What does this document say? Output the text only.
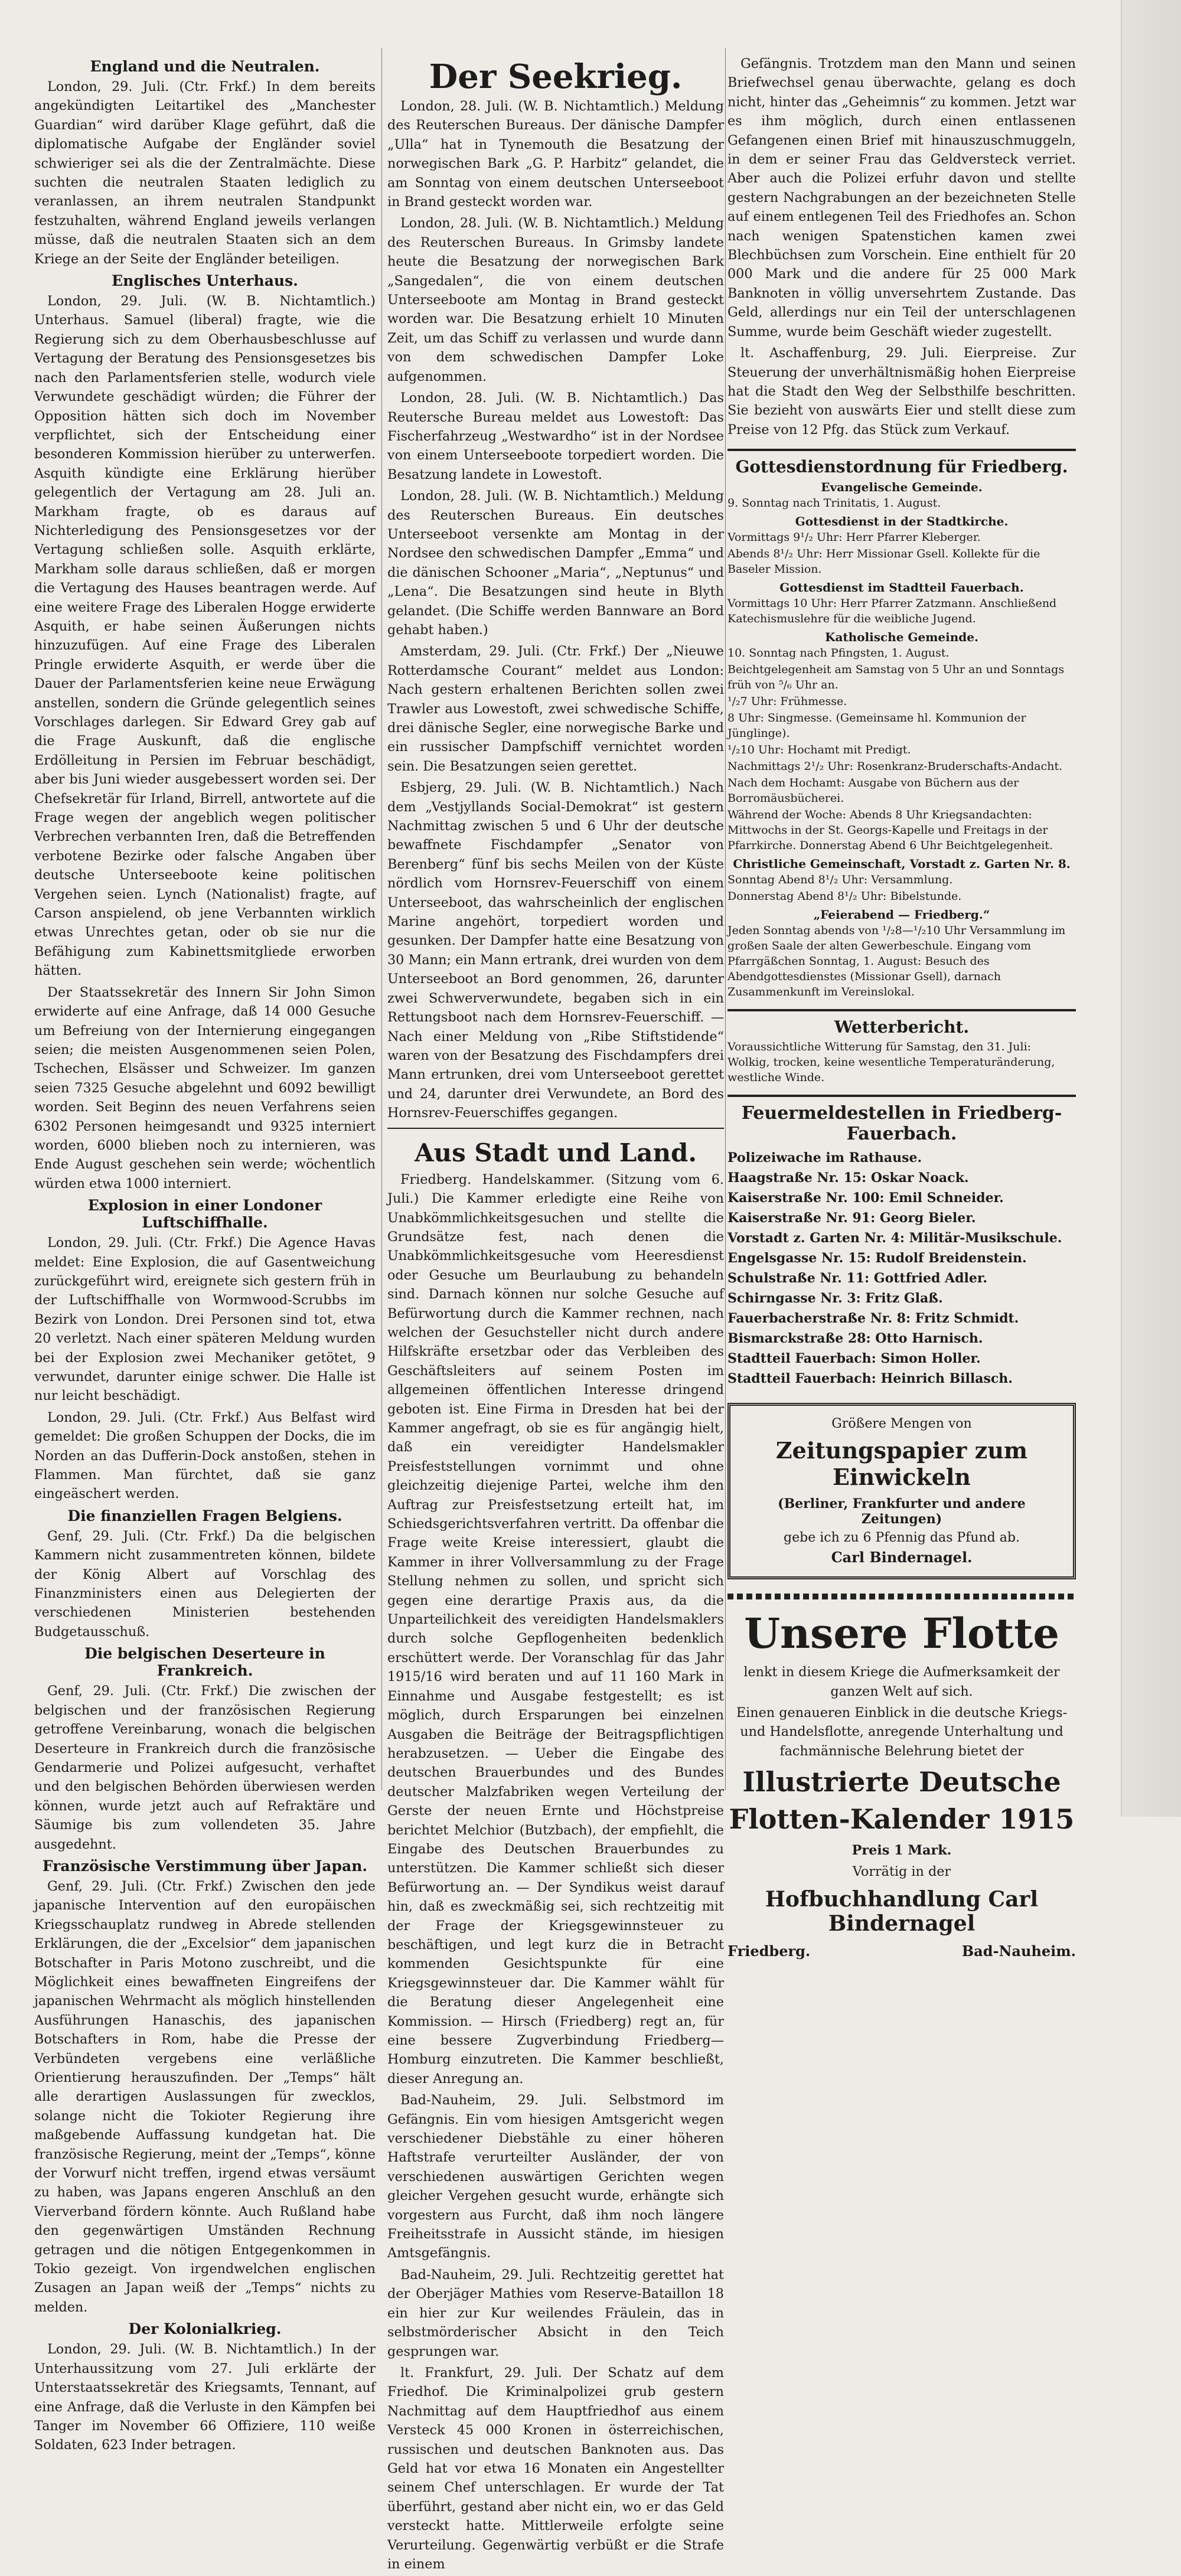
England und die Neutralen.

London, 29. Juli. (Ctr. Frkf.) In dem bereits angekündigten Leitartikel des „Manchester Guardian“ wird darüber Klage geführt, daß die diplomatische Aufgabe der Engländer soviel schwieriger sei als die der Zentralmächte. Diese suchten die neutralen Staaten lediglich zu veranlassen, an ihrem neutralen Standpunkt festzuhalten, während England jeweils verlangen müsse, daß die neutralen Staaten sich an dem Kriege an der Seite der Engländer beteiligen.

Englisches Unterhaus.

London, 29. Juli. (W. B. Nichtamtlich.) Unterhaus. Samuel (liberal) fragte, wie die Regierung sich zu dem Oberhausbeschlusse auf Vertagung der Beratung des Pensionsgesetzes bis nach den Parlamentsferien stelle, wodurch viele Verwundete geschädigt würden; die Führer der Opposition hätten sich doch im November verpflichtet, sich der Entscheidung einer besonderen Kommission hierüber zu unterwerfen. Asquith kündigte eine Erklärung hierüber gelegentlich der Vertagung am 28. Juli an. Markham fragte, ob es daraus auf Nichterledigung des Pensionsgesetzes vor der Vertagung schließen solle. Asquith erklärte, Markham solle daraus schließen, daß er morgen die Vertagung des Hauses beantragen werde. Auf eine weitere Frage des Liberalen Hogge erwiderte Asquith, er habe seinen Äußerungen nichts hinzuzufügen. Auf eine Frage des Liberalen Pringle erwiderte Asquith, er werde über die Dauer der Parlamentsferien keine neue Erwägung anstellen, sondern die Gründe gelegentlich seines Vorschlages darlegen. Sir Edward Grey gab auf die Frage Auskunft, daß die englische Erdölleitung in Persien im Februar beschädigt, aber bis Juni wieder ausgebessert worden sei. Der Chefsekretär für Irland, Birrell, antwortete auf die Frage wegen der angeblich wegen politischer Verbrechen verbannten Iren, daß die Betreffenden verbotene Bezirke oder falsche Angaben über deutsche Unterseeboote keine politischen Vergehen seien. Lynch (Nationalist) fragte, auf Carson anspielend, ob jene Verbannten wirklich etwas Unrechtes getan, oder ob sie nur die Befähigung zum Kabinettsmitgliede erworben hätten.

Der Staatssekretär des Innern Sir John Simon erwiderte auf eine Anfrage, daß 14 000 Gesuche um Befreiung von der Internierung eingegangen seien; die meisten Ausgenommenen seien Polen, Tschechen, Elsässer und Schweizer. Im ganzen seien 7325 Gesuche abgelehnt und 6092 bewilligt worden. Seit Beginn des neuen Verfahrens seien 6302 Personen heimgesandt und 9325 interniert worden, 6000 blieben noch zu internieren, was Ende August geschehen sein werde; wöchentlich würden etwa 1000 interniert.

Explosion in einer Londoner Luftschiffhalle.

London, 29. Juli. (Ctr. Frkf.) Die Agence Havas meldet: Eine Explosion, die auf Gasentweichung zurückgeführt wird, ereignete sich gestern früh in der Luftschiffhalle von Wormwood-Scrubbs im Bezirk von London. Drei Personen sind tot, etwa 20 verletzt. Nach einer späteren Meldung wurden bei der Explosion zwei Mechaniker getötet, 9 verwundet, darunter einige schwer. Die Halle ist nur leicht beschädigt.

London, 29. Juli. (Ctr. Frkf.) Aus Belfast wird gemeldet: Die großen Schuppen der Docks, die im Norden an das Dufferin-Dock anstoßen, stehen in Flammen. Man fürchtet, daß sie ganz eingeäschert werden.

Die finanziellen Fragen Belgiens.

Genf, 29. Juli. (Ctr. Frkf.) Da die belgischen Kammern nicht zusammentreten können, bildete der König Albert auf Vorschlag des Finanzministers einen aus Delegierten der verschiedenen Ministerien bestehenden Budgetausschuß.

Die belgischen Deserteure in Frankreich.

Genf, 29. Juli. (Ctr. Frkf.) Die zwischen der belgischen und der französischen Regierung getroffene Vereinbarung, wonach die belgischen Deserteure in Frankreich durch die französische Gendarmerie und Polizei aufgesucht, verhaftet und den belgischen Behörden überwiesen werden können, wurde jetzt auch auf Refraktäre und Säumige bis zum vollendeten 35. Jahre ausgedehnt.

Französische Verstimmung über Japan.

Genf, 29. Juli. (Ctr. Frkf.) Zwischen den jede japanische Intervention auf den europäischen Kriegsschauplatz rundweg in Abrede stellenden Erklärungen, die der „Excelsior“ dem japanischen Botschafter in Paris Motono zuschreibt, und die Möglichkeit eines bewaffneten Eingreifens der japanischen Wehrmacht als möglich hinstellenden Ausführungen Hanaschis, des japanischen Botschafters in Rom, habe die Presse der Verbündeten vergebens eine verläßliche Orientierung herauszufinden. Der „Temps“ hält alle derartigen Auslassungen für zwecklos, solange nicht die Tokioter Regierung ihre maßgebende Auffassung kundgetan hat. Die französische Regierung, meint der „Temps“, könne der Vorwurf nicht treffen, irgend etwas versäumt zu haben, was Japans engeren Anschluß an den Vierverband fördern könnte. Auch Rußland habe den gegenwärtigen Umständen Rechnung getragen und die nötigen Entgegenkommen in Tokio gezeigt. Von irgendwelchen englischen Zusagen an Japan weiß der „Temps“ nichts zu melden.

Der Kolonialkrieg.

London, 29. Juli. (W. B. Nichtamtlich.) In der Unterhaussitzung vom 27. Juli erklärte der Unterstaatssekretär des Kriegsamts, Tennant, auf eine Anfrage, daß die Verluste in den Kämpfen bei Tanger im November 66 Offiziere, 110 weiße Soldaten, 623 Inder betragen.

Der Seekrieg.

London, 28. Juli. (W. B. Nichtamtlich.) Meldung des Reuterschen Bureaus. Der dänische Dampfer „Ulla“ hat in Tynemouth die Besatzung der norwegischen Bark „G. P. Harbitz“ gelandet, die am Sonntag von einem deutschen Unterseeboot in Brand gesteckt worden war.

London, 28. Juli. (W. B. Nichtamtlich.) Meldung des Reuterschen Bureaus. In Grimsby landete heute die Besatzung der norwegischen Bark „Sangedalen“, die von einem deutschen Unterseeboote am Montag in Brand gesteckt worden war. Die Besatzung erhielt 10 Minuten Zeit, um das Schiff zu verlassen und wurde dann von dem schwedischen Dampfer Loke aufgenommen.

London, 28. Juli. (W. B. Nichtamtlich.) Das Reutersche Bureau meldet aus Lowestoft: Das Fischerfahrzeug „Westwardho“ ist in der Nordsee von einem Unterseeboote torpediert worden. Die Besatzung landete in Lowestoft.

London, 28. Juli. (W. B. Nichtamtlich.) Meldung des Reuterschen Bureaus. Ein deutsches Unterseeboot versenkte am Montag in der Nordsee den schwedischen Dampfer „Emma“ und die dänischen Schooner „Maria“, „Neptunus“ und „Lena“. Die Besatzungen sind heute in Blyth gelandet. (Die Schiffe werden Bannware an Bord gehabt haben.)

Amsterdam, 29. Juli. (Ctr. Frkf.) Der „Nieuwe Rotterdamsche Courant“ meldet aus London: Nach gestern erhaltenen Berichten sollen zwei Trawler aus Lowestoft, zwei schwedische Schiffe, drei dänische Segler, eine norwegische Barke und ein russischer Dampfschiff vernichtet worden sein. Die Besatzungen seien gerettet.

Esbjerg, 29. Juli. (W. B. Nichtamtlich.) Nach dem „Vestjyllands Social-Demokrat“ ist gestern Nachmittag zwischen 5 und 6 Uhr der deutsche bewaffnete Fischdampfer „Senator von Berenberg“ fünf bis sechs Meilen von der Küste nördlich vom Hornsrev-Feuerschiff von einem Unterseeboot, das wahrscheinlich der englischen Marine angehört, torpediert worden und gesunken. Der Dampfer hatte eine Besatzung von 30 Mann; ein Mann ertrank, drei wurden von dem Unterseeboot an Bord genommen, 26, darunter zwei Schwerverwundete, begaben sich in ein Rettungsboot nach dem Hornsrev-Feuerschiff. — Nach einer Meldung von „Ribe Stiftstidende“ waren von der Besatzung des Fischdampfers drei Mann ertrunken, drei vom Unterseeboot gerettet und 24, darunter drei Verwundete, an Bord des Hornsrev-Feuerschiffes gegangen.

Aus Stadt und Land.

Friedberg. Handelskammer. (Sitzung vom 6. Juli.) Die Kammer erledigte eine Reihe von Unabkömmlichkeitsgesuchen und stellte die Grundsätze fest, nach denen die Unabkömmlichkeitsgesuche vom Heeresdienst oder Gesuche um Beurlaubung zu behandeln sind. Darnach können nur solche Gesuche auf Befürwortung durch die Kammer rechnen, nach welchen der Gesuchsteller nicht durch andere Hilfskräfte ersetzbar oder das Verbleiben des Geschäftsleiters auf seinem Posten im allgemeinen öffentlichen Interesse dringend geboten ist. Eine Firma in Dresden hat bei der Kammer angefragt, ob sie es für angängig hielt, daß ein vereidigter Handelsmakler Preisfeststellungen vornimmt und ohne gleichzeitig diejenige Partei, welche ihm den Auftrag zur Preisfestsetzung erteilt hat, im Schiedsgerichtsverfahren vertritt. Da offenbar die Frage weite Kreise interessiert, glaubt die Kammer in ihrer Vollversammlung zu der Frage Stellung nehmen zu sollen, und spricht sich gegen eine derartige Praxis aus, da die Unparteilichkeit des vereidigten Handelsmaklers durch solche Gepflogenheiten bedenklich erschüttert werde. Der Voranschlag für das Jahr 1915/16 wird beraten und auf 11 160 Mark in Einnahme und Ausgabe festgestellt; es ist möglich, durch Ersparungen bei einzelnen Ausgaben die Beiträge der Beitragspflichtigen herabzusetzen. — Ueber die Eingabe des deutschen Brauerbundes und des Bundes deutscher Malzfabriken wegen Verteilung der Gerste der neuen Ernte und Höchstpreise berichtet Melchior (Butzbach), der empfiehlt, die Eingabe des Deutschen Brauerbundes zu unterstützen. Die Kammer schließt sich dieser Befürwortung an. — Der Syndikus weist darauf hin, daß es zweckmäßig sei, sich rechtzeitig mit der Frage der Kriegsgewinnsteuer zu beschäftigen, und legt kurz die in Betracht kommenden Gesichtspunkte für eine Kriegsgewinnsteuer dar. Die Kammer wählt für die Beratung dieser Angelegenheit eine Kommission. — Hirsch (Friedberg) regt an, für eine bessere Zugverbindung Friedberg—Homburg einzutreten. Die Kammer beschließt, dieser Anregung an.

Bad-Nauheim, 29. Juli. Selbstmord im Gefängnis. Ein vom hiesigen Amtsgericht wegen verschiedener Diebstähle zu einer höheren Haftstrafe verurteilter Ausländer, der von verschiedenen auswärtigen Gerichten wegen gleicher Vergehen gesucht wurde, erhängte sich vorgestern aus Furcht, daß ihm noch längere Freiheitsstrafe in Aussicht stände, im hiesigen Amtsgefängnis.

Bad-Nauheim, 29. Juli. Rechtzeitig gerettet hat der Oberjäger Mathies vom Reserve-Bataillon 18 ein hier zur Kur weilendes Fräulein, das in selbstmörderischer Absicht in den Teich gesprungen war.

lt. Frankfurt, 29. Juli. Der Schatz auf dem Friedhof. Die Kriminalpolizei grub gestern Nachmittag auf dem Hauptfriedhof aus einem Versteck 45 000 Kronen in österreichischen, russischen und deutschen Banknoten aus. Das Geld hat vor etwa 16 Monaten ein Angestellter seinem Chef unterschlagen. Er wurde der Tat überführt, gestand aber nicht ein, wo er das Geld versteckt hatte. Mittlerweile erfolgte seine Verurteilung. Gegenwärtig verbüßt er die Strafe in einem

Gefängnis. Trotzdem man den Mann und seinen Briefwechsel genau überwachte, gelang es doch nicht, hinter das „Geheimnis“ zu kommen. Jetzt war es ihm möglich, durch einen entlassenen Gefangenen einen Brief mit hinauszuschmuggeln, in dem er seiner Frau das Geldversteck verriet. Aber auch die Polizei erfuhr davon und stellte gestern Nachgrabungen an der bezeichneten Stelle auf einem entlegenen Teil des Friedhofes an. Schon nach wenigen Spatenstichen kamen zwei Blechbüchsen zum Vorschein. Eine enthielt für 20 000 Mark und die andere für 25 000 Mark Banknoten in völlig unversehrtem Zustande. Das Geld, allerdings nur ein Teil der unterschlagenen Summe, wurde beim Geschäft wieder zugestellt.

lt. Aschaffenburg, 29. Juli. Eierpreise. Zur Steuerung der unverhältnismäßig hohen Eierpreise hat die Stadt den Weg der Selbsthilfe beschritten. Sie bezieht von auswärts Eier und stellt diese zum Preise von 12 Pfg. das Stück zum Verkauf.

Gottesdienstordnung für Friedberg.
Evangelische Gemeinde.

9. Sonntag nach Trinitatis, 1. August.

Gottesdienst in der Stadtkirche.

Vormittags 9¹/₂ Uhr: Herr Pfarrer Kleberger.

Abends 8¹/₂ Uhr: Herr Missionar Gsell. Kollekte für die Baseler Mission.

Gottesdienst im Stadtteil Fauerbach.

Vormittags 10 Uhr: Herr Pfarrer Zatzmann. Anschließend Katechismuslehre für die weibliche Jugend.

Katholische Gemeinde.

10. Sonntag nach Pfingsten, 1. August.

Beichtgelegenheit am Samstag von 5 Uhr an und Sonntags früh von ⁵/₆ Uhr an.

¹/₂7 Uhr: Frühmesse.

8 Uhr: Singmesse. (Gemeinsame hl. Kommunion der Jünglinge).

¹/₂10 Uhr: Hochamt mit Predigt.

Nachmittags 2¹/₂ Uhr: Rosenkranz-Bruderschafts-Andacht.

Nach dem Hochamt: Ausgabe von Büchern aus der Borromäusbücherei.

Während der Woche: Abends 8 Uhr Kriegsandachten: Mittwochs in der St. Georgs-Kapelle und Freitags in der Pfarrkirche. Donnerstag Abend 6 Uhr Beichtgelegenheit.

Christliche Gemeinschaft, Vorstadt z. Garten Nr. 8.

Sonntag Abend 8¹/₂ Uhr: Versammlung.

Donnerstag Abend 8¹/₂ Uhr: Bibelstunde.

„Feierabend — Friedberg.“

Jeden Sonntag abends von ¹/₂8—¹/₂10 Uhr Versammlung im großen Saale der alten Gewerbeschule. Eingang vom Pfarrgäßchen Sonntag, 1. August: Besuch des Abendgottesdienstes (Missionar Gsell), darnach Zusammenkunft im Vereinslokal.

Wetterbericht.

Voraussichtliche Witterung für Samstag, den 31. Juli: Wolkig, trocken, keine wesentliche Temperaturänderung, westliche Winde.

Feuermeldestellen in Friedberg-Fauerbach.

Polizeiwache im Rathause.

Haagstraße Nr. 15: Oskar Noack.

Kaiserstraße Nr. 100: Emil Schneider.

Kaiserstraße Nr. 91: Georg Bieler.

Vorstadt z. Garten Nr. 4: Militär-Musikschule.

Engelsgasse Nr. 15: Rudolf Breidenstein.

Schulstraße Nr. 11: Gottfried Adler.

Schirngasse Nr. 3: Fritz Glaß.

Fauerbacherstraße Nr. 8: Fritz Schmidt.

Bismarckstraße 28: Otto Harnisch.

Stadtteil Fauerbach: Simon Holler.

Stadtteil Fauerbach: Heinrich Billasch.

Größere Mengen von
Zeitungspapier zum Einwickeln
(Berliner, Frankfurter und andere Zeitungen)
gebe ich zu 6 Pfennig das Pfund ab.
Carl Bindernagel.
Unsere Flotte

lenkt in diesem Kriege die Aufmerksamkeit der ganzen Welt auf sich.

Einen genaueren Einblick in die deutsche Kriegs- und Handelsflotte, anregende Unterhaltung und fachmännische Belehrung bietet der

Illustrierte Deutsche
Flotten-Kalender 1915

Preis 1 Mark.

Vorrätig in der

Hofbuchhandlung Carl Bindernagel
Friedberg.	Bad-Nauheim.
